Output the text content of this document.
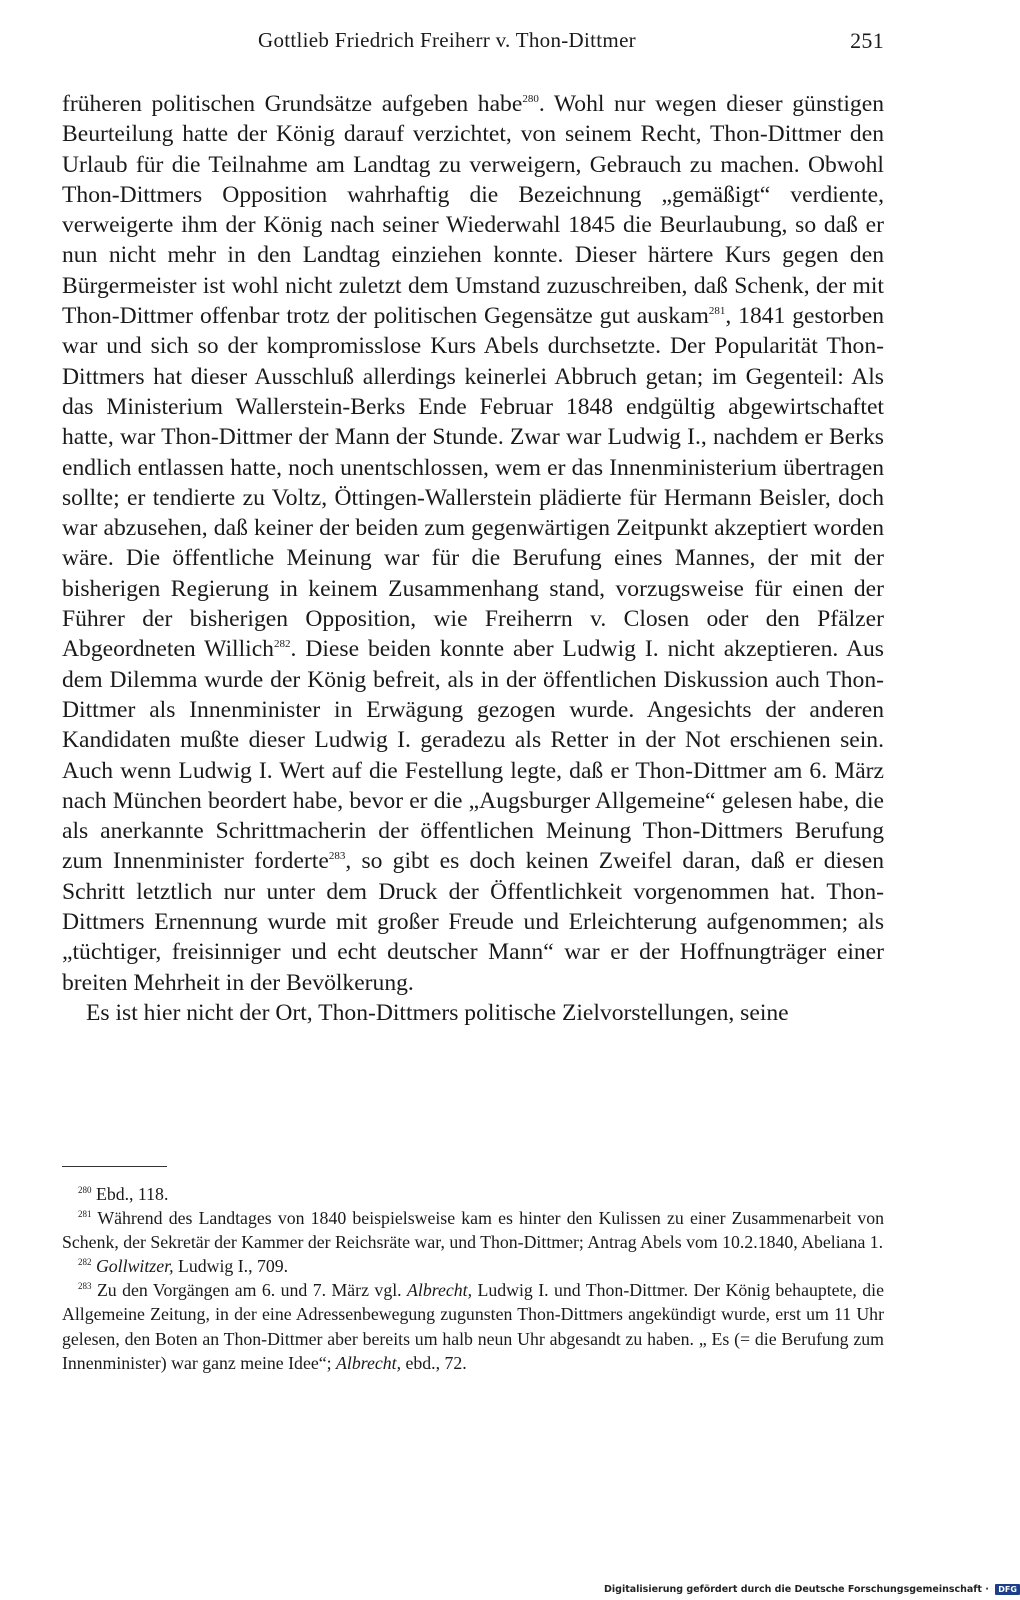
Gottlieb Friedrich Freiherr v. Thon-Dittmer	251

früheren politischen Grundsätze aufgeben habe$^{280}$. Wohl nur wegen dieser günstigen Beurteilung hatte der König darauf verzichtet, von seinem Recht, Thon-Dittmer den Urlaub für die Teilnahme am Landtag zu verweigern, Gebrauch zu machen. Obwohl Thon-Dittmers Opposition wahrhaftig die Bezeichnung „gemäßigt“ verdiente, verweigerte ihm der König nach seiner Wiederwahl 1845 die Beurlaubung, so daß er nun nicht mehr in den Landtag einziehen konnte. Dieser härtere Kurs gegen den Bürgermeister ist wohl nicht zuletzt dem Umstand zuzuschreiben, daß Schenk, der mit Thon-Dittmer offenbar trotz der politischen Gegensätze gut auskam$^{281}$, 1841 gestorben war und sich so der kompromisslose Kurs Abels durchsetzte. Der Popularität Thon-Dittmers hat dieser Ausschluß allerdings keinerlei Abbruch getan; im Gegenteil: Als das Ministerium Wallerstein-Berks Ende Februar 1848 endgültig abgewirtschaftet hatte, war Thon-Dittmer der Mann der Stunde. Zwar war Ludwig I., nachdem er Berks endlich entlassen hatte, noch unentschlossen, wem er das Innenministerium übertragen sollte; er tendierte zu Voltz, Öttingen-Wallerstein plädierte für Hermann Beisler, doch war abzusehen, daß keiner der beiden zum gegenwärtigen Zeitpunkt akzeptiert worden wäre. Die öffentliche Meinung war für die Berufung eines Mannes, der mit der bisherigen Regierung in keinem Zusammenhang stand, vorzugsweise für einen der Führer der bisherigen Opposition, wie Freiherrn v. Closen oder den Pfälzer Abgeordneten Willich$^{282}$. Diese beiden konnte aber Ludwig I. nicht akzeptieren. Aus dem Dilemma wurde der König befreit, als in der öffentlichen Diskussion auch Thon-Dittmer als Innenminister in Erwägung gezogen wurde. Angesichts der anderen Kandidaten mußte dieser Ludwig I. geradezu als Retter in der Not erschienen sein. Auch wenn Ludwig I. Wert auf die Festellung legte, daß er Thon-Dittmer am 6. März nach München beordert habe, bevor er die „Augsburger Allgemeine“ gelesen habe, die als anerkannte Schrittmacherin der öffentlichen Meinung Thon-Dittmers Berufung zum Innenminister forderte$^{283}$, so gibt es doch keinen Zweifel daran, daß er diesen Schritt letztlich nur unter dem Druck der Öffentlichkeit vorgenommen hat. Thon-Dittmers Ernennung wurde mit großer Freude und Erleichterung aufgenommen; als „tüchtiger, freisinniger und echt deutscher Mann“ war er der Hoffnungträger einer breiten Mehrheit in der Bevölkerung.

Es ist hier nicht der Ort, Thon-Dittmers politische Zielvorstellungen, seine

$^{280}$ Ebd., 118.

$^{281}$ Während des Landtages von 1840 beispielsweise kam es hinter den Kulissen zu einer Zusammenarbeit von Schenk, der Sekretär der Kammer der Reichsräte war, und Thon-Dittmer; Antrag Abels vom 10.2.1840, Abeliana 1.

$^{282}$ Gollwitzer, Ludwig I., 709.

$^{283}$ Zu den Vorgängen am 6. und 7. März vgl. Albrecht, Ludwig I. und Thon-Dittmer. Der König behauptete, die Allgemeine Zeitung, in der eine Adressenbewegung zugunsten Thon-Dittmers angekündigt wurde, erst um 11 Uhr gelesen, den Boten an Thon-Dittmer aber bereits um halb neun Uhr abgesandt zu haben. „ Es (= die Berufung zum Innenminister) war ganz meine Idee“; Albrecht, ebd., 72.

Digitalisierung gefördert durch die Deutsche Forschungsgemeinschaft · DFG
